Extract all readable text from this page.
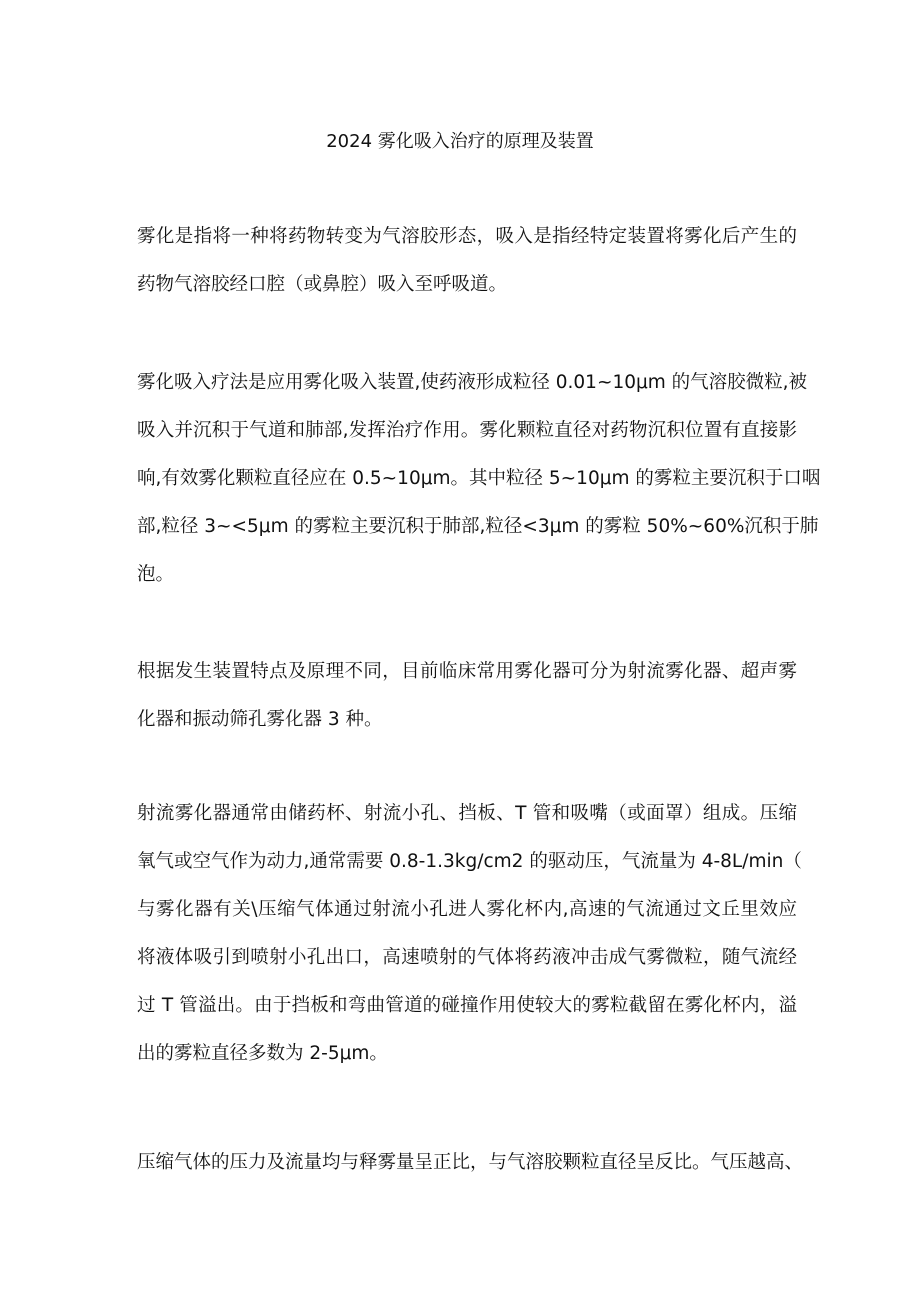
2024 雾化吸入治疗的原理及装置
雾化是指将一种将药物转变为气溶胶形态，吸入是指经特定装置将雾化后产生的
药物气溶胶经口腔（或鼻腔）吸入至呼吸道。
雾化吸入疗法是应用雾化吸入装置,使药液形成粒径 0.01~10μm 的气溶胶微粒,被
吸入并沉积于气道和肺部,发挥治疗作用。雾化颗粒直径对药物沉积位置有直接影
响,有效雾化颗粒直径应在 0.5~10μm。其中粒径 5~10μm 的雾粒主要沉积于口咽
部,粒径 3~<5μm 的雾粒主要沉积于肺部,粒径<3μm 的雾粒 50%~60%沉积于肺
泡。
根据发生装置特点及原理不同，目前临床常用雾化器可分为射流雾化器、超声雾
化器和振动筛孔雾化器 3 种。
射流雾化器通常由储药杯、射流小孔、挡板、T 管和吸嘴（或面罩）组成。压缩
氧气或空气作为动力,通常需要 0.8-1.3kg∕cm2 的驱动压，气流量为 4-8L∕min（
与雾化器有关\压缩气体通过射流小孔进人雾化杯内,高速的气流通过文丘里效应
将液体吸引到喷射小孔出口，高速喷射的气体将药液冲击成气雾微粒，随气流经
过 T 管溢出。由于挡板和弯曲管道的碰撞作用使较大的雾粒截留在雾化杯内，溢
出的雾粒直径多数为 2-5μm。
压缩气体的压力及流量均与释雾量呈正比，与气溶胶颗粒直径呈反比。气压越高、
